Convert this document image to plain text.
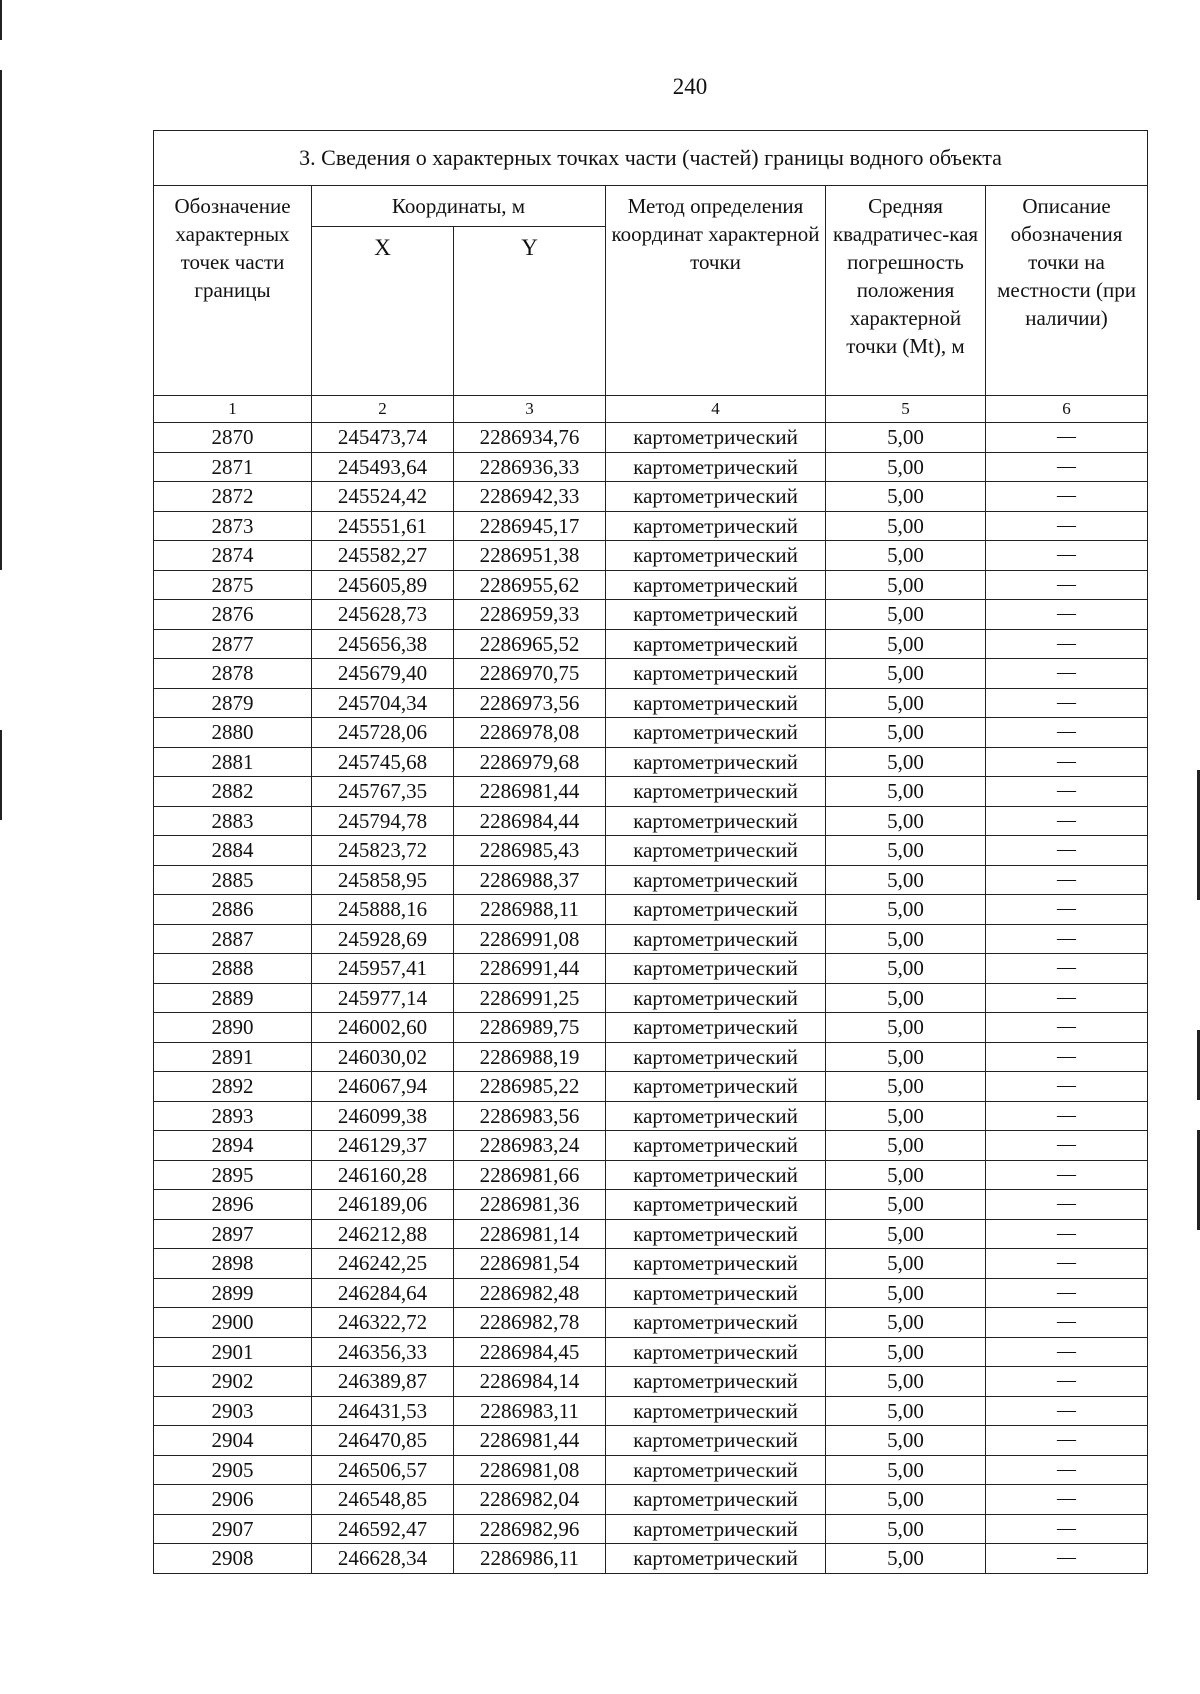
240
3. Сведения о характерных точках части (частей) границы водного объекта					
Обозначение характерных точек части границы	Координаты, м		Метод определения координат характерной точки	Средняя квадратичес-кая погрешность положения характерной точки (Mt), м	Описание обозначения точки на местности (при наличии)
	X	Y			
1	2	3	4	5	6
2870	245473,74	2286934,76	картометрический	5,00	—
2871	245493,64	2286936,33	картометрический	5,00	—
2872	245524,42	2286942,33	картометрический	5,00	—
2873	245551,61	2286945,17	картометрический	5,00	—
2874	245582,27	2286951,38	картометрический	5,00	—
2875	245605,89	2286955,62	картометрический	5,00	—
2876	245628,73	2286959,33	картометрический	5,00	—
2877	245656,38	2286965,52	картометрический	5,00	—
2878	245679,40	2286970,75	картометрический	5,00	—
2879	245704,34	2286973,56	картометрический	5,00	—
2880	245728,06	2286978,08	картометрический	5,00	—
2881	245745,68	2286979,68	картометрический	5,00	—
2882	245767,35	2286981,44	картометрический	5,00	—
2883	245794,78	2286984,44	картометрический	5,00	—
2884	245823,72	2286985,43	картометрический	5,00	—
2885	245858,95	2286988,37	картометрический	5,00	—
2886	245888,16	2286988,11	картометрический	5,00	—
2887	245928,69	2286991,08	картометрический	5,00	—
2888	245957,41	2286991,44	картометрический	5,00	—
2889	245977,14	2286991,25	картометрический	5,00	—
2890	246002,60	2286989,75	картометрический	5,00	—
2891	246030,02	2286988,19	картометрический	5,00	—
2892	246067,94	2286985,22	картометрический	5,00	—
2893	246099,38	2286983,56	картометрический	5,00	—
2894	246129,37	2286983,24	картометрический	5,00	—
2895	246160,28	2286981,66	картометрический	5,00	—
2896	246189,06	2286981,36	картометрический	5,00	—
2897	246212,88	2286981,14	картометрический	5,00	—
2898	246242,25	2286981,54	картометрический	5,00	—
2899	246284,64	2286982,48	картометрический	5,00	—
2900	246322,72	2286982,78	картометрический	5,00	—
2901	246356,33	2286984,45	картометрический	5,00	—
2902	246389,87	2286984,14	картометрический	5,00	—
2903	246431,53	2286983,11	картометрический	5,00	—
2904	246470,85	2286981,44	картометрический	5,00	—
2905	246506,57	2286981,08	картометрический	5,00	—
2906	246548,85	2286982,04	картометрический	5,00	—
2907	246592,47	2286982,96	картометрический	5,00	—
2908	246628,34	2286986,11	картометрический	5,00	—
